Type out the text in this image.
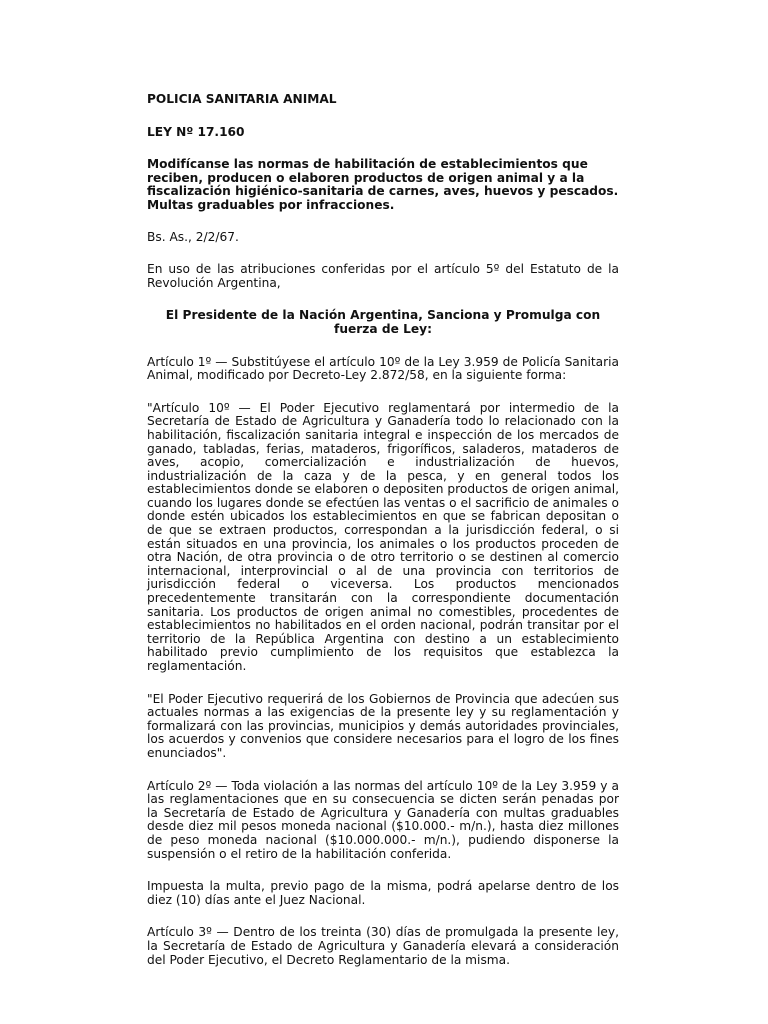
POLICIA SANITARIA ANIMAL

LEY Nº 17.160

Modifícanse las normas de habilitación de establecimientos que reciben, producen o elaboren productos de origen animal y a la fiscalización higiénico-sanitaria de carnes, aves, huevos y pescados. Multas graduables por infracciones.

Bs. As., 2/2/67.

En uso de las atribuciones conferidas por el artículo 5º del Estatuto de la Revolución Argentina,

El Presidente de la Nación Argentina, Sanciona y Promulga con fuerza de Ley:

Artículo 1º — Substitúyese el artículo 10º de la Ley 3.959 de Policía Sanitaria Animal, modificado por Decreto-Ley 2.872/58, en la siguiente forma:

"Artículo 10º — El Poder Ejecutivo reglamentará por intermedio de la Secretaría de Estado de Agricultura y Ganadería todo lo relacionado con la habilitación, fiscalización sanitaria integral e inspección de los mercados de ganado, tabladas, ferias, mataderos, frigoríficos, saladeros, mataderos de aves, acopio, comercialización e industrialización de huevos, industrialización de la caza y de la pesca, y en general todos los establecimientos donde se elaboren o depositen productos de origen animal, cuando los lugares donde se efectúen las ventas o el sacrificio de animales o donde estén ubicados los establecimientos en que se fabrican depositan o de que se extraen productos, correspondan a la jurisdicción federal, o si están situados en una provincia, los animales o los productos proceden de otra Nación, de otra provincia o de otro territorio o se destinen al comercio internacional, interprovincial o al de una provincia con territorios de jurisdicción federal o viceversa. Los productos mencionados precedentemente transitarán con la correspondiente documentación sanitaria. Los productos de origen animal no comestibles, procedentes de establecimientos no habilitados en el orden nacional, podrán transitar por el territorio de la República Argentina con destino a un establecimiento habilitado previo cumplimiento de los requisitos que establezca la reglamentación.

"El Poder Ejecutivo requerirá de los Gobiernos de Provincia que adecúen sus actuales normas a las exigencias de la presente ley y su reglamentación y formalizará con las provincias, municipios y demás autoridades provinciales, los acuerdos y convenios que considere necesarios para el logro de los fines enunciados".

Artículo 2º — Toda violación a las normas del artículo 10º de la Ley 3.959 y a las reglamentaciones que en su consecuencia se dicten serán penadas por la Secretaría de Estado de Agricultura y Ganadería con multas graduables desde diez mil pesos moneda nacional ($10.000.- m/n.), hasta diez millones de peso moneda nacional ($10.000.000.- m/n.), pudiendo disponerse la suspensión o el retiro de la habilitación conferida.

Impuesta la multa, previo pago de la misma, podrá apelarse dentro de los diez (10) días ante el Juez Nacional.

Artículo 3º — Dentro de los treinta (30) días de promulgada la presente ley, la Secretaría de Estado de Agricultura y Ganadería elevará a consideración del Poder Ejecutivo, el Decreto Reglamentario de la misma.
